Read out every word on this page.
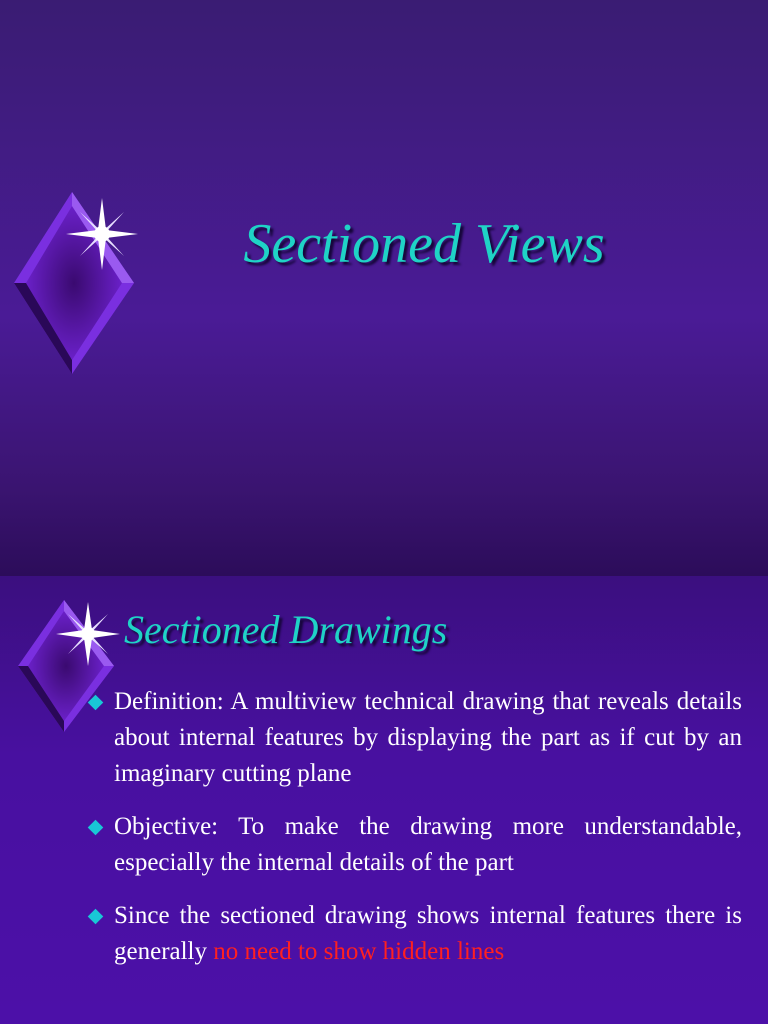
Sectioned Views
Sectioned Drawings
Definition: A multiview technical drawing that reveals details about internal features by displaying the part as if cut by an imaginary cutting plane
Objective: To make the drawing more understandable, especially the internal details of the part
Since the sectioned drawing shows internal features there is generally no need to show hidden lines
